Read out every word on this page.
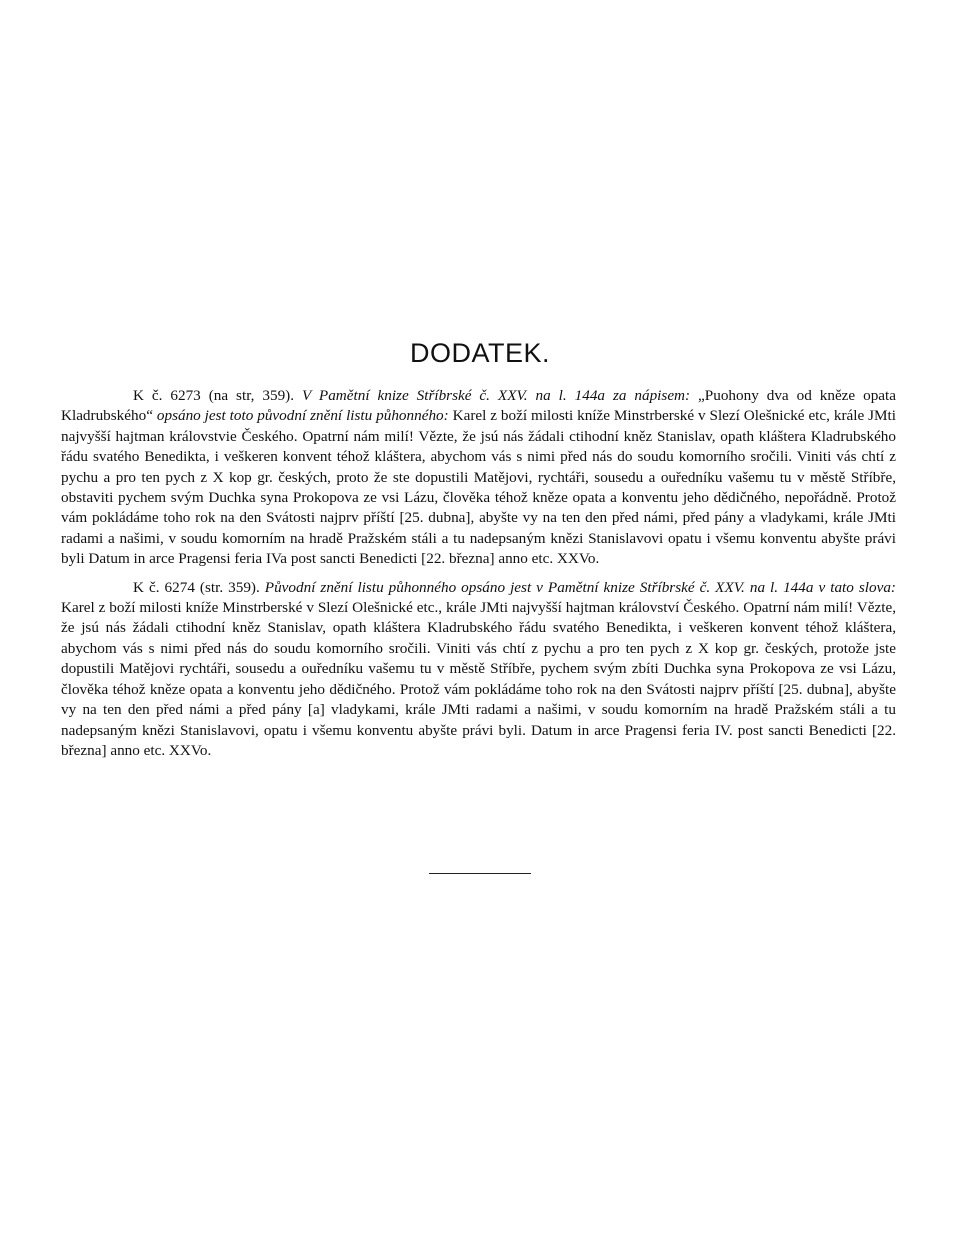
DODATEK.

K č. 6273 (na str, 359). V Pamětní knize Stříbrské č. XXV. na l. 144a za nápisem: „Puohony dva od kněze opata Kladrubského“ opsáno jest toto původní znění listu půhonného: Karel z boží milosti kníže Minstrberské v Slezí Olešnické etc, krále JMti najvyšší hajtman královstvie Českého. Opatrní nám milí! Vězte, že jsú nás žádali ctihodní kněz Stanislav, opath kláštera Kladrubského řádu svatého Benedikta, i veškeren konvent téhož kláštera, abychom vás s nimi před nás do soudu komorního sročili. Viniti vás chtí z pychu a pro ten pych z X kop gr. českých, proto že ste dopustili Matějovi, rychtáři, sousedu a ouředníku vašemu tu v městě Stříbře, obstaviti pychem svým Duchka syna Prokopova ze vsi Lázu, člověka téhož kněze opata a konventu jeho dědičného, nepořádně. Protož vám pokládáme toho rok na den Svátosti najprv příští [25. dubna], abyšte vy na ten den před námi, před pány a vladykami, krále JMti radami a našimi, v soudu komorním na hradě Pražském stáli a tu nadepsaným knězi Stanislavovi opatu i všemu konventu abyšte právi byli Datum in arce Pragensi feria IVa post sancti Benedicti [22. března] anno etc. XXVo.

K č. 6274 (str. 359). Původní znění listu půhonného opsáno jest v Pamětní knize Stříbrské č. XXV. na l. 144a v tato slova: Karel z boží milosti kníže Minstrberské v Slezí Olešnické etc., krále JMti najvyšší hajtman království Českého. Opatrní nám milí! Vězte, že jsú nás žádali ctihodní kněz Stanislav, opath kláštera Kladrubského řádu svatého Benedikta, i veškeren konvent téhož kláštera, abychom vás s nimi před nás do soudu komorního sročili. Viniti vás chtí z pychu a pro ten pych z X kop gr. českých, protože jste dopustili Matějovi rychtáři, sousedu a ouředníku vašemu tu v městě Stříbře, pychem svým zbíti Duchka syna Prokopova ze vsi Lázu, člověka téhož kněze opata a konventu jeho dědičného. Protož vám pokládáme toho rok na den Svátosti najprv příští [25. dubna], abyšte vy na ten den před námi a před pány [a] vladykami, krále JMti radami a našimi, v soudu komorním na hradě Pražském stáli a tu nadepsaným knězi Stanislavovi, opatu i všemu konventu abyšte právi byli. Datum in arce Pragensi feria IV. post sancti Benedicti [22. března] anno etc. XXVo.
